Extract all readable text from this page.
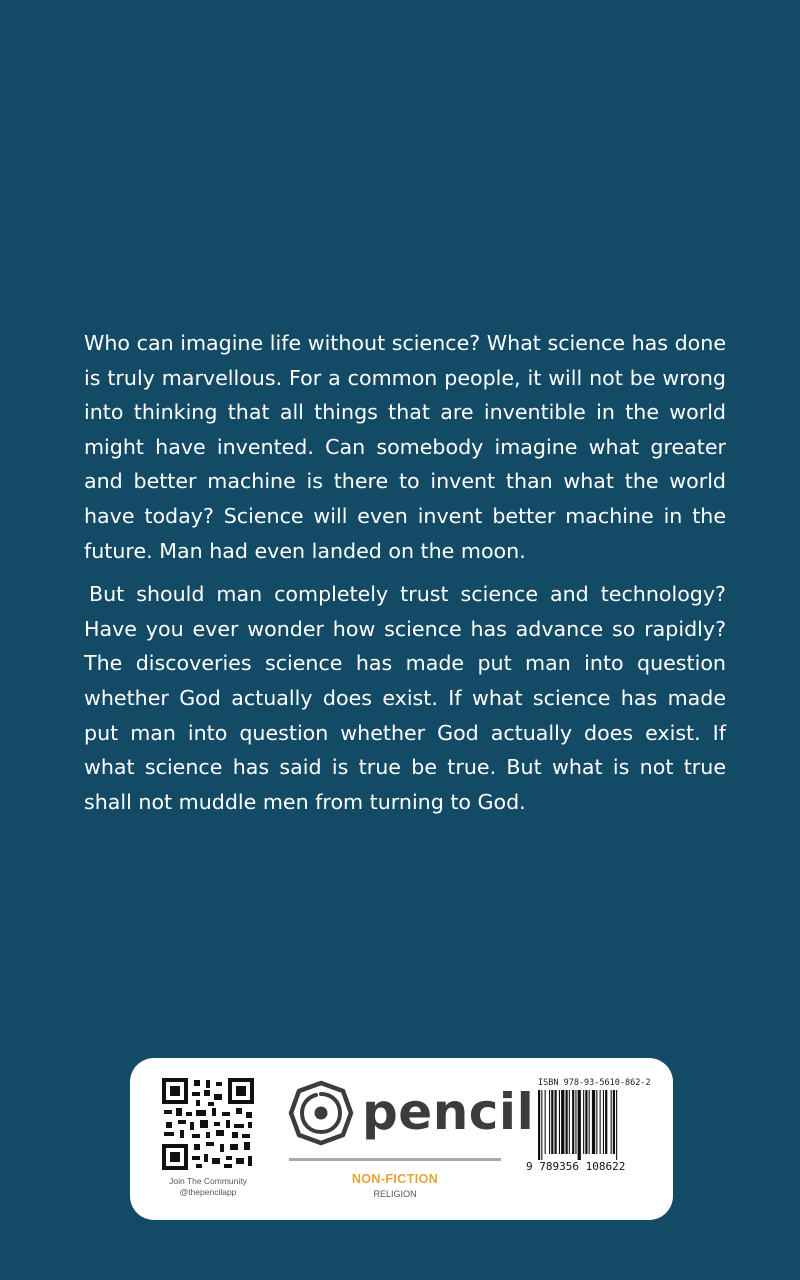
Who can imagine life without science? What science has done is truly marvellous. For a common people, it will not be wrong into thinking that all things that are inventible in the world might have invented. Can somebody imagine what greater and better machine is there to invent than what the world have today? Science will even invent better machine in the future. Man had even landed on the moon.

But should man completely trust science and technology? Have you ever wonder how science has advance so rapidly? The discoveries science has made put man into question whether God actually does exist. If what science has made put man into question whether God actually does exist. If what science has said is true be true. But what is not true shall not muddle men from turning to God.

Join The Community
@thepencilapp
pencil
NON-FICTION
RELIGION
ISBN 978-93-5610-862-2
9 789356 108622
